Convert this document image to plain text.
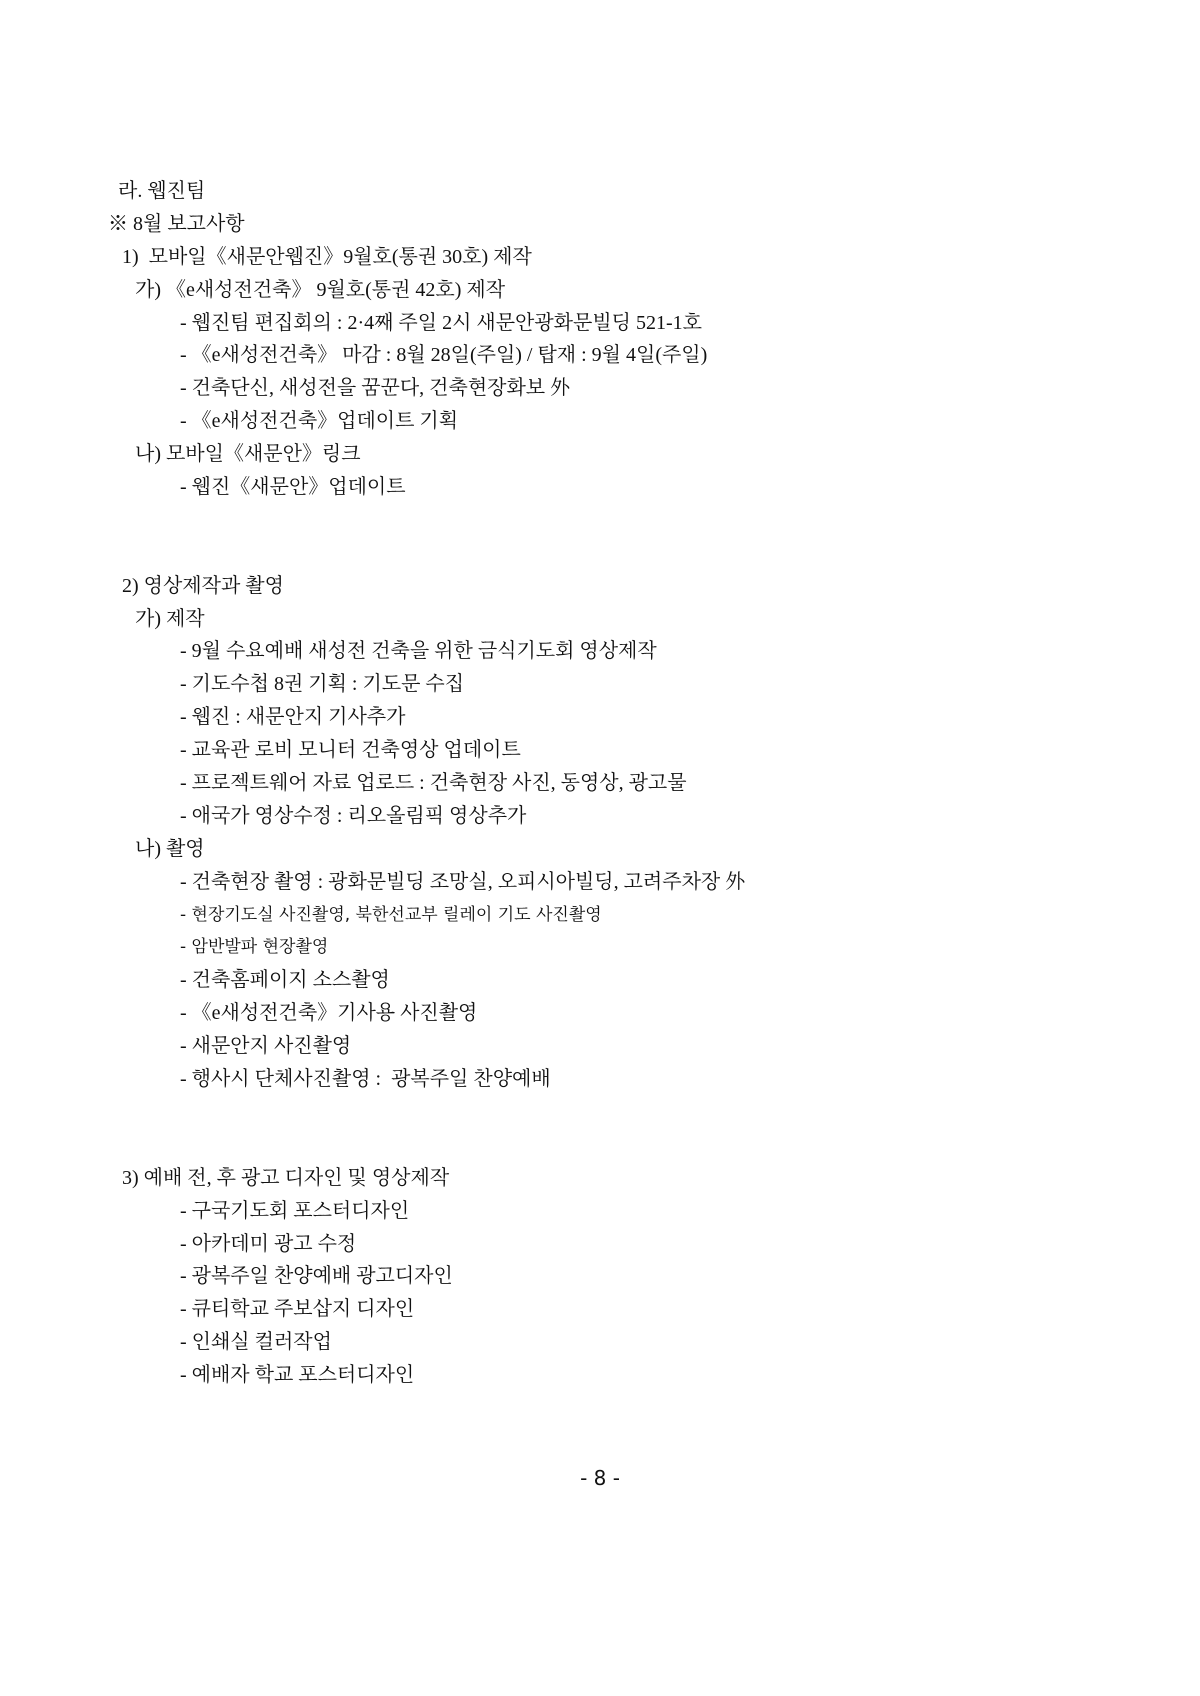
라. 웹진팀
※ 8월 보고사항
1)  모바일《새문안웹진》9월호(통권 30호) 제작
가) 《e새성전건축》 9월호(통권 42호) 제작
- 웹진팀 편집회의 : 2·4째 주일 2시 새문안광화문빌딩 521-1호
- 《e새성전건축》 마감 : 8월 28일(주일) / 탑재 : 9월 4일(주일)
- 건축단신, 새성전을 꿈꾼다, 건축현장화보 外
- 《e새성전건축》업데이트 기획
나) 모바일《새문안》링크
- 웹진《새문안》업데이트
2) 영상제작과 촬영
가) 제작
- 9월 수요예배 새성전 건축을 위한 금식기도회 영상제작
- 기도수첩 8권 기획 : 기도문 수집
- 웹진 : 새문안지 기사추가
- 교육관 로비 모니터 건축영상 업데이트
- 프로젝트웨어 자료 업로드 : 건축현장 사진, 동영상, 광고물
- 애국가 영상수정 : 리오올림픽 영상추가
나) 촬영
- 건축현장 촬영 : 광화문빌딩 조망실, 오피시아빌딩, 고려주차장 外
- 현장기도실 사진촬영, 북한선교부 릴레이 기도 사진촬영
- 암반발파 현장촬영
- 건축홈페이지 소스촬영
- 《e새성전건축》기사용 사진촬영
- 새문안지 사진촬영
- 행사시 단체사진촬영 :  광복주일 찬양예배
3) 예배 전, 후 광고 디자인 및 영상제작
- 구국기도회 포스터디자인
- 아카데미 광고 수정
- 광복주일 찬양예배 광고디자인
- 큐티학교 주보삽지 디자인
- 인쇄실 컬러작업
- 예배자 학교 포스터디자인
- 8 -
